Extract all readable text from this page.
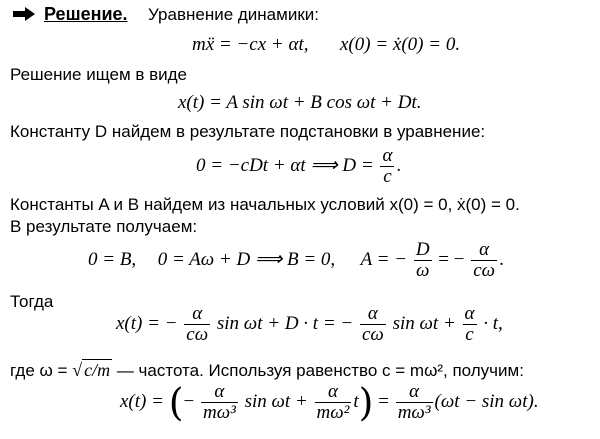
Решение. Уравнение динамики:
mẍ = −cx + αt, x(0) = ẋ(0) = 0.
Решение ищем в виде
x(t) = A sin ωt + B cos ωt + Dt.
Константу D найдем в результате подстановки в уравнение:
0 = −cDt + αt ⟹ $D = \frac{\alpha}{c}$ .
Константы A и B найдем из начальных условий x(0) = 0, ẋ(0) = 0.
В результате получаем:
0 = B, 0 = Aω + D ⟹ B = 0, A = − $\frac{D}{\omega}$ = − $\frac{\alpha}{c\omega}$ .
Тогда
x(t) = − $\frac{\alpha}{c\omega}$ sin ωt + D · t = − $\frac{\alpha}{c\omega}$ $\sin \omega t + \frac{\alpha}{c} \cdot t$,
где ω = √ c/m — частота. Используя равенство c = mω², получим:
x(t) = (− $\frac{\alpha}{\text{mω³}}$ $\sin \omega t + \frac{\alpha}{\text{mω²}} t) = \frac{\alpha}{\text{mω³}} (\omega t - \sin \omega t)$.
